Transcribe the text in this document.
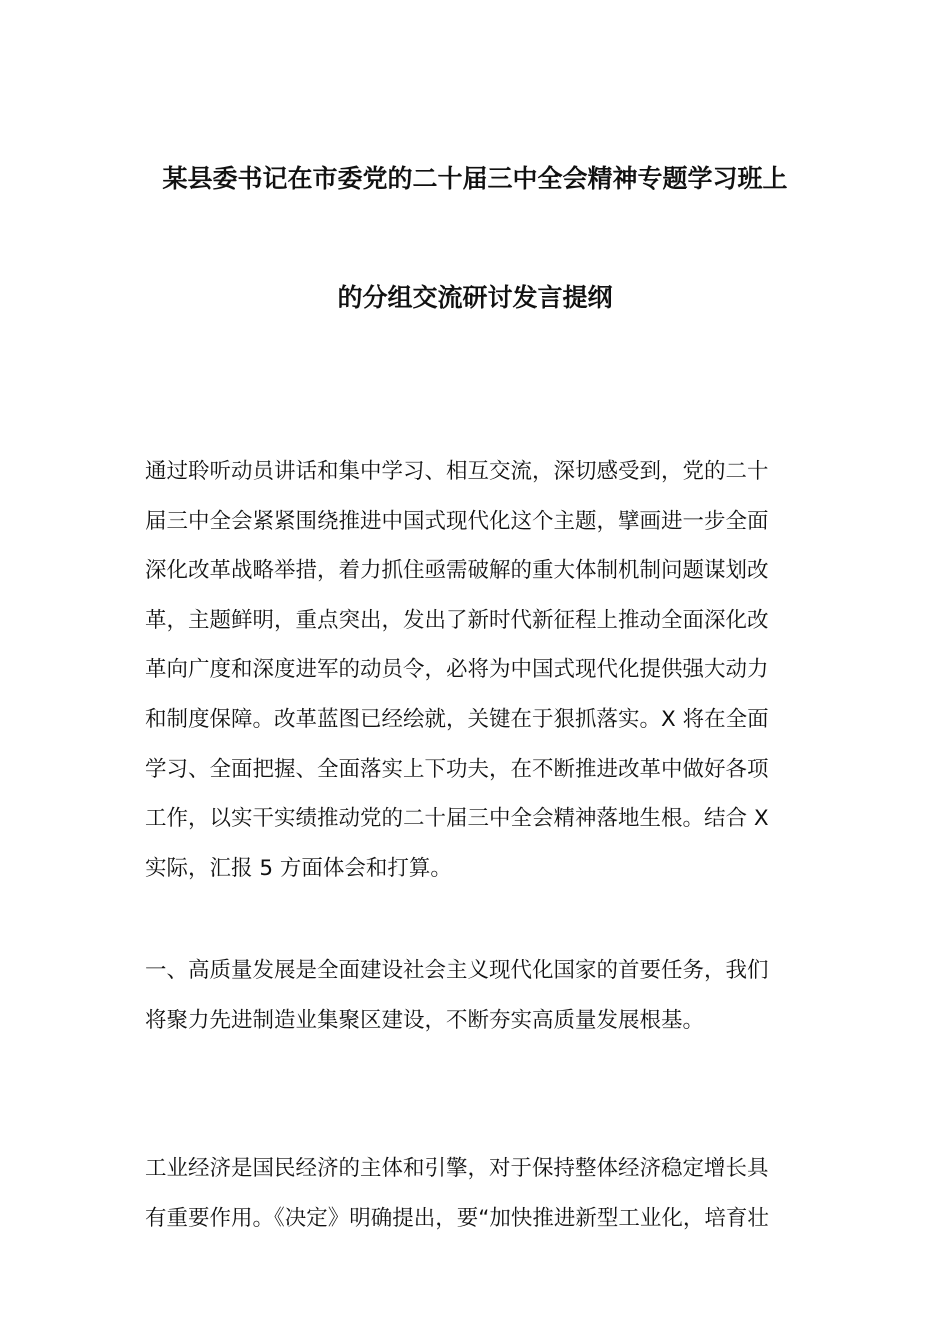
某县委书记在市委党的二十届三中全会精神专题学习班上
的分组交流研讨发言提纲
通过聆听动员讲话和集中学习、相互交流，深切感受到，党的二十
届三中全会紧紧围绕推进中国式现代化这个主题，擘画进一步全面
深化改革战略举措，着力抓住亟需破解的重大体制机制问题谋划改
革，主题鲜明，重点突出，发出了新时代新征程上推动全面深化改
革向广度和深度进军的动员令，必将为中国式现代化提供强大动力
和制度保障。改革蓝图已经绘就，关键在于狠抓落实。X 将在全面
学习、全面把握、全面落实上下功夫，在不断推进改革中做好各项
工作，以实干实绩推动党的二十届三中全会精神落地生根。结合 X
实际，汇报 5 方面体会和打算。
一、高质量发展是全面建设社会主义现代化国家的首要任务，我们
将聚力先进制造业集聚区建设，不断夯实高质量发展根基。
工业经济是国民经济的主体和引擎，对于保持整体经济稳定增长具
有重要作用。《决定》明确提出，要“加快推进新型工业化，培育壮
